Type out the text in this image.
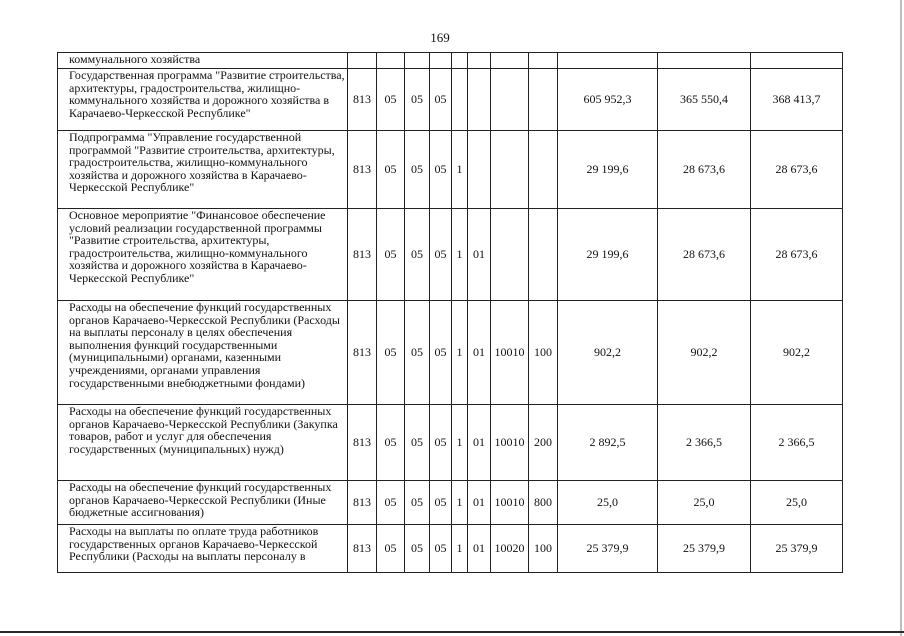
169
коммунального хозяйства											
Государственная программа "Развитие строительства, архитектуры, градостроительства, жилищно-коммунального хозяйства и дорожного хозяйства в Карачаево-Черкесской Республике"	813	05	05	05					605 952,3	365 550,4	368 413,7
Подпрограмма "Управление государственной программой "Развитие строительства, архитектуры, градостроительства, жилищно-коммунального хозяйства и дорожного хозяйства в Карачаево-Черкесской Республике"	813	05	05	05	1				29 199,6	28 673,6	28 673,6
Основное мероприятие "Финансовое обеспечение условий реализации государственной программы "Развитие строительства, архитектуры, градостроительства, жилищно-коммунального хозяйства и дорожного хозяйства в Карачаево-Черкесской Республике"	813	05	05	05	1	01			29 199,6	28 673,6	28 673,6
Расходы на обеспечение функций государственных органов Карачаево-Черкесской Республики (Расходы на выплаты персоналу в целях обеспечения выполнения функций государственными (муниципальными) органами, казенными учреждениями, органами управления государственными внебюджетными фондами)	813	05	05	05	1	01	10010	100	902,2	902,2	902,2
Расходы на обеспечение функций государственных органов Карачаево-Черкесской Республики (Закупка товаров, работ и услуг для обеспечения государственных (муниципальных) нужд)	813	05	05	05	1	01	10010	200	2 892,5	2 366,5	2 366,5
Расходы на обеспечение функций государственных органов Карачаево-Черкесской Республики (Иные бюджетные ассигнования)	813	05	05	05	1	01	10010	800	25,0	25,0	25,0
Расходы на выплаты по оплате труда работников государственных органов Карачаево-Черкесской Республики (Расходы на выплаты персоналу в	813	05	05	05	1	01	10020	100	25 379,9	25 379,9	25 379,9
